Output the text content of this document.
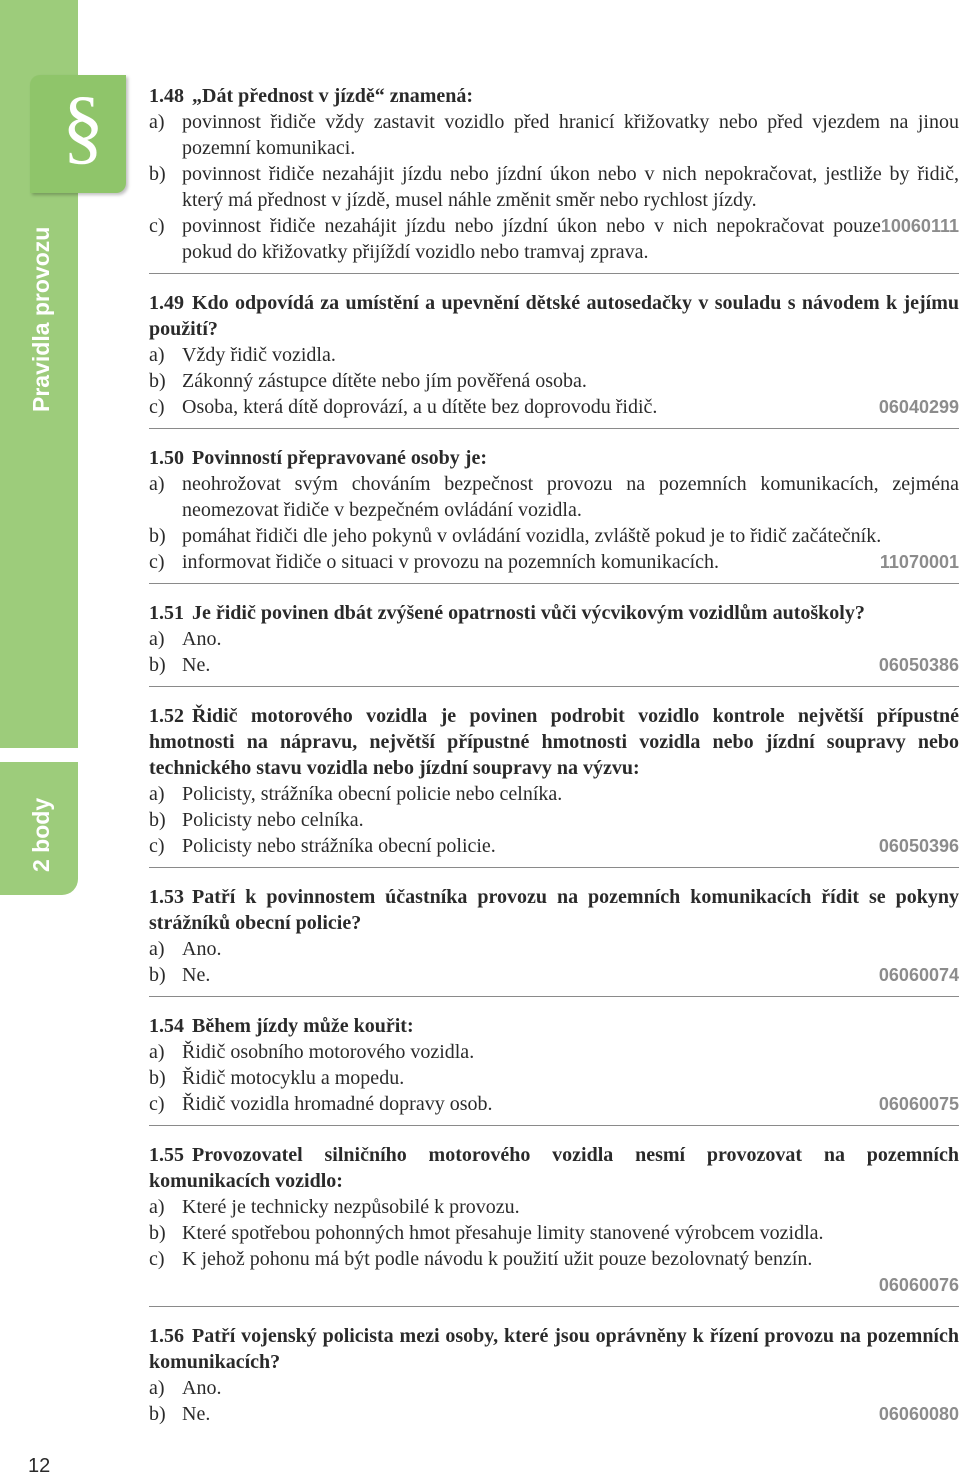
§
Pravidla provozu
2 body
12
1.48 „Dát přednost v jízdě“ znamená:
a) povinnost řidiče vždy zastavit vozidlo před hranicí křižovatky nebo před vjezdem na jinou pozemní komunikaci.
b) povinnost řidiče nezahájit jízdu nebo jízdní úkon nebo v nich nepokračovat, jestliže by řidič, který má přednost v jízdě, musel náhle změnit směr nebo rychlost jízdy.
10060111
c) povinnost řidiče nezahájit jízdu nebo jízdní úkon nebo v nich nepokračovat pouze pokud do křižovatky přijíždí vozidlo nebo tramvaj zprava.
1.49 Kdo odpovídá za umístění a upevnění dětské autosedačky v souladu s návodem k jejímu použití?
a) Vždy řidič vozidla.
b) Zákonný zástupce dítěte nebo jím pověřená osoba.
06040299
c) Osoba, která dítě doprovází, a u dítěte bez doprovodu řidič.
1.50 Povinností přepravované osoby je:
a) neohrožovat svým chováním bezpečnost provozu na pozemních komunikacích, zejména neomezovat řidiče v bezpečném ovládání vozidla.
b) pomáhat řidiči dle jeho pokynů v ovládání vozidla, zvláště pokud je to řidič začátečník.
11070001
c) informovat řidiče o situaci v provozu na pozemních komunikacích.
1.51 Je řidič povinen dbát zvýšené opatrnosti vůči výcvikovým vozidlům autoškoly?
a) Ano.
06050386
b) Ne.
1.52 Řidič motorového vozidla je povinen podrobit vozidlo kontrole největší přípustné hmotnosti na nápravu, největší přípustné hmotnosti vozidla nebo jízdní soupravy nebo technického stavu vozidla nebo jízdní soupravy na výzvu:
a) Policisty, strážníka obecní policie nebo celníka.
b) Policisty nebo celníka.
06050396
c) Policisty nebo strážníka obecní policie.
1.53 Patří k povinnostem účastníka provozu na pozemních komunikacích řídit se pokyny strážníků obecní policie?
a) Ano.
06060074
b) Ne.
1.54 Během jízdy může kouřit:
a) Řidič osobního motorového vozidla.
b) Řidič motocyklu a mopedu.
06060075
c) Řidič vozidla hromadné dopravy osob.
1.55 Provozovatel silničního motorového vozidla nesmí provozovat na pozemních komunikacích vozidlo:
a) Které je technicky nezpůsobilé k provozu.
b) Které spotřebou pohonných hmot přesahuje limity stanovené výrobcem vozidla.
c) K jehož pohonu má být podle návodu k použití užit pouze bezolovnatý benzín.
06060076
1.56 Patří vojenský policista mezi osoby, které jsou oprávněny k řízení provozu na pozemních komunikacích?
a) Ano.
06060080
b) Ne.
